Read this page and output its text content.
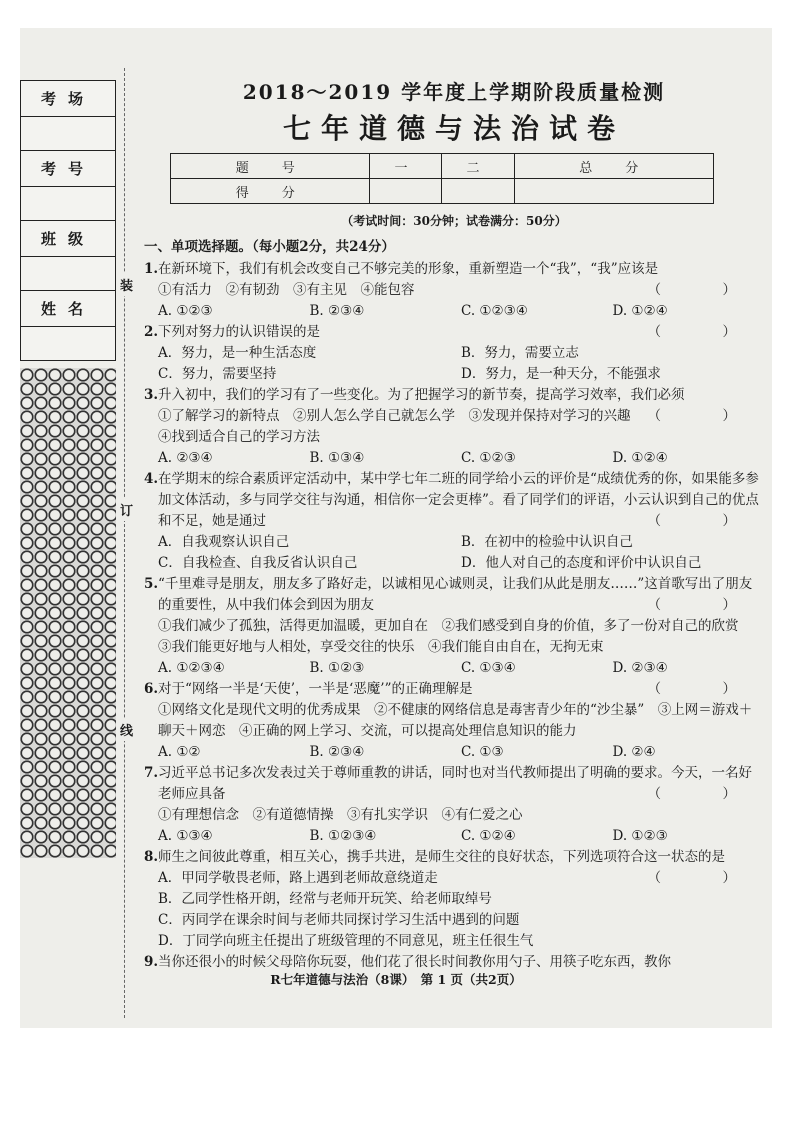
考场
考号
班级
姓名
装
订
线
2018～2019 学年度上学期阶段质量检测
七年道德与法治试卷
题　号	一	二	总　分
得　分			
（考试时间：30分钟；试卷满分：50分）
一、单项选择题。（每小题2分，共24分）
1. 在新环境下，我们有机会改变自己不够完美的形象，重新塑造一个“我”，“我”应该是
（　）
①有活力　②有韧劲　③有主见　④能包容
A. ①②③	B. ②③④	C. ①②③④	D. ①②④
2. 下列对努力的认识错误的是	（　）
A．努力，是一种生活态度	B．努力，需要立志
C．努力，需要坚持	D．努力，是一种天分，不能强求
3. 升入初中，我们的学习有了一些变化。为了把握学习的新节奏，提高学习效率，我们必须
（　）
①了解学习的新特点　②别人怎么学自己就怎么学　③发现并保持对学习的兴趣　④找到适合自己的学习方法
A. ②③④	B. ①③④	C. ①②③	D. ①②④
4. 在学期末的综合素质评定活动中，某中学七年二班的同学给小云的评价是“成绩优秀的你，如果能多参加文体活动，多与同学交往与沟通，相信你一定会更棒”。看了同学们的评语，小云认识到自己的优点和不足，她是通过	（　）
A．自我观察认识自己	B．在初中的检验中认识自己
C．自我检查、自我反省认识自己	D．他人对自己的态度和评价中认识自己
5. “千里难寻是朋友，朋友多了路好走，以诚相见心诚则灵，让我们从此是朋友……”这首歌写出了朋友的重要性，从中我们体会到因为朋友	（　）
①我们减少了孤独，活得更加温暖，更加自在　②我们感受到自身的价值，多了一份对自己的欣赏　③我们能更好地与人相处，享受交往的快乐　④我们能自由自在，无拘无束
A. ①②③④	B. ①②③	C. ①③④	D. ②③④
6. 对于“网络一半是‘天使’，一半是‘恶魔’”的正确理解是	（　）
①网络文化是现代文明的优秀成果　②不健康的网络信息是毒害青少年的“沙尘暴”　③上网＝游戏＋聊天＋网恋　④正确的网上学习、交流，可以提高处理信息知识的能力
A. ①②	B. ②③④	C. ①③	D. ②④
7. 习近平总书记多次发表过关于尊师重教的讲话，同时也对当代教师提出了明确的要求。今天，一名好老师应具备	（　）
①有理想信念　②有道德情操　③有扎实学识　④有仁爱之心
A. ①③④	B. ①②③④	C. ①②④	D. ①②③
8. 师生之间彼此尊重，相互关心，携手共进，是师生交往的良好状态，下列选项符合这一状态的是
（　）
A．甲同学敬畏老师，路上遇到老师故意绕道走
B．乙同学性格开朗，经常与老师开玩笑、给老师取绰号
C．丙同学在课余时间与老师共同探讨学习生活中遇到的问题
D．丁同学向班主任提出了班级管理的不同意见，班主任很生气
9. 当你还很小的时候父母陪你玩耍，他们花了很长时间教你用勺子、用筷子吃东西，教你
R七年道德与法治（8课）　第 1 页（共2页）
